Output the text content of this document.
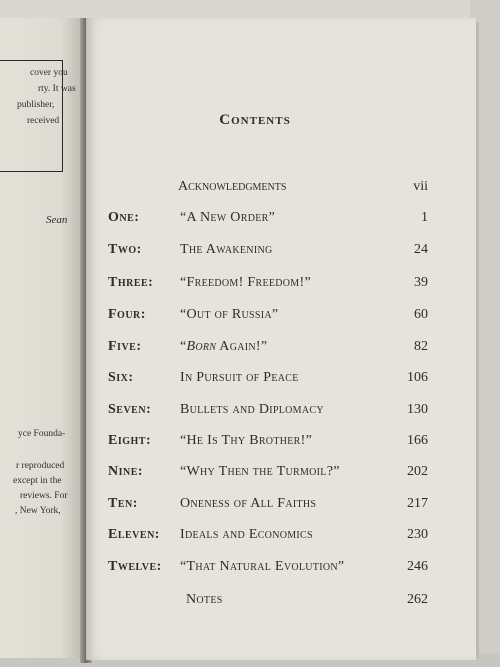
cover you
rty. It was
publisher,
received
Sean
yce Founda-
r reproduced
except in the
reviews. For
, New York,
Contents
Acknowledgments	vii
One:	“A New Order”	1
Two:	The Awakening	24
Three: “Freedom! Freedom!”	39
Four: “Out of Russia”	60
Five:	“Born Again!”	82
Six:	In Pursuit of Peace	106
Seven: Bullets and Diplomacy	130
Eight: “He Is Thy Brother!”	166
Nine:	“Why Then the Turmoil?”	202
Ten:	Oneness of All Faiths	217
Eleven: Ideals and Economics	230
Twelve: “That Natural Evolution”	246
Notes	262
